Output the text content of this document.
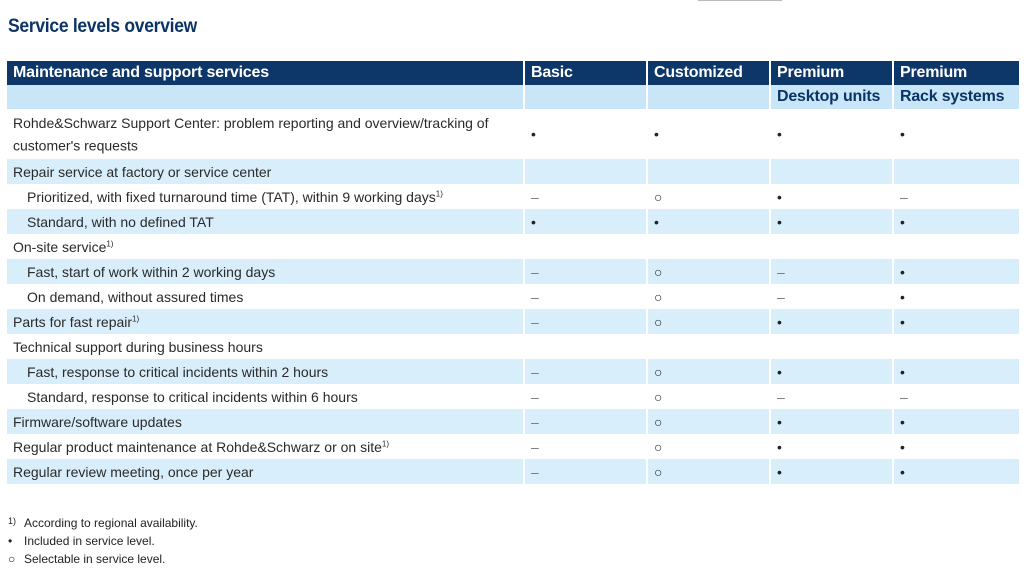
Service levels overview
Maintenance and support services	Basic	Customized	Premium	Premium
			Desktop units	Rack systems
Rohde&Schwarz Support Center: problem reporting and overview/tracking of customer's requests	•	•	•	•
Repair service at factory or service center				
Prioritized, with fixed turnaround time (TAT), within 9 working days$^{1)}$	–	○	•	–
Standard, with no defined TAT	•	•	•	•
On-site service$^{1)}$				
Fast, start of work within 2 working days	–	○	–	•
On demand, without assured times	–	○	–	•
Parts for fast repair$^{1)}$	–	○	•	•
Technical support during business hours				
Fast, response to critical incidents within 2 hours	–	○	•	•
Standard, response to critical incidents within 6 hours	–	○	–	–
Firmware/software updates	–	○	•	•
Regular product maintenance at Rohde&Schwarz or on site$^{1)}$	–	○	•	•
Regular review meeting, once per year	–	○	•	•
1) According to regional availability.
• Included in service level.
○ Selectable in service level.
